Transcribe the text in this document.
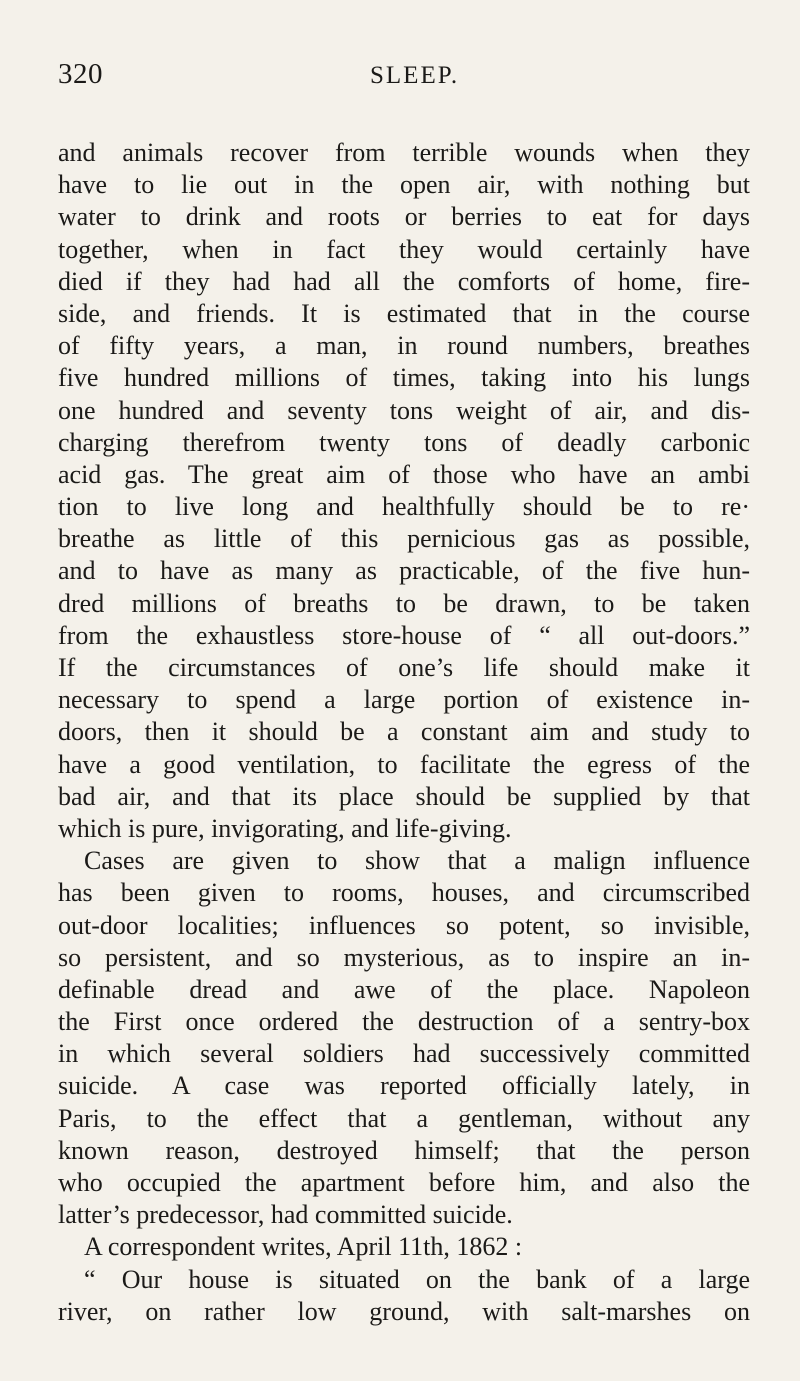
320	SLEEP.
and animals recover from terrible wounds when they
have to lie out in the open air, with nothing but
water to drink and roots or berries to eat for days
together, when in fact they would certainly have
died if they had had all the comforts of home, fire-
side, and friends. It is estimated that in the course
of fifty years, a man, in round numbers, breathes
five hundred millions of times, taking into his lungs
one hundred and seventy tons weight of air, and dis-
charging therefrom twenty tons of deadly carbonic
acid gas. The great aim of those who have an ambi
tion to live long and healthfully should be to re·
breathe as little of this pernicious gas as possible,
and to have as many as practicable, of the five hun-
dred millions of breaths to be drawn, to be taken
from the exhaustless store-house of “ all out-doors.”
If the circumstances of one’s life should make it
necessary to spend a large portion of existence in-
doors, then it should be a constant aim and study to
have a good ventilation, to facilitate the egress of the
bad air, and that its place should be supplied by that
which is pure, invigorating, and life-giving.
Cases are given to show that a malign influence
has been given to rooms, houses, and circumscribed
out-door localities; influences so potent, so invisible,
so persistent, and so mysterious, as to inspire an in-
definable dread and awe of the place. Napoleon
the First once ordered the destruction of a sentry-box
in which several soldiers had successively committed
suicide. A case was reported officially lately, in
Paris, to the effect that a gentleman, without any
known reason, destroyed himself; that the person
who occupied the apartment before him, and also the
latter’s predecessor, had committed suicide.
A correspondent writes, April 11th, 1862 :
“ Our house is situated on the bank of a large
river, on rather low ground, with salt-marshes on
